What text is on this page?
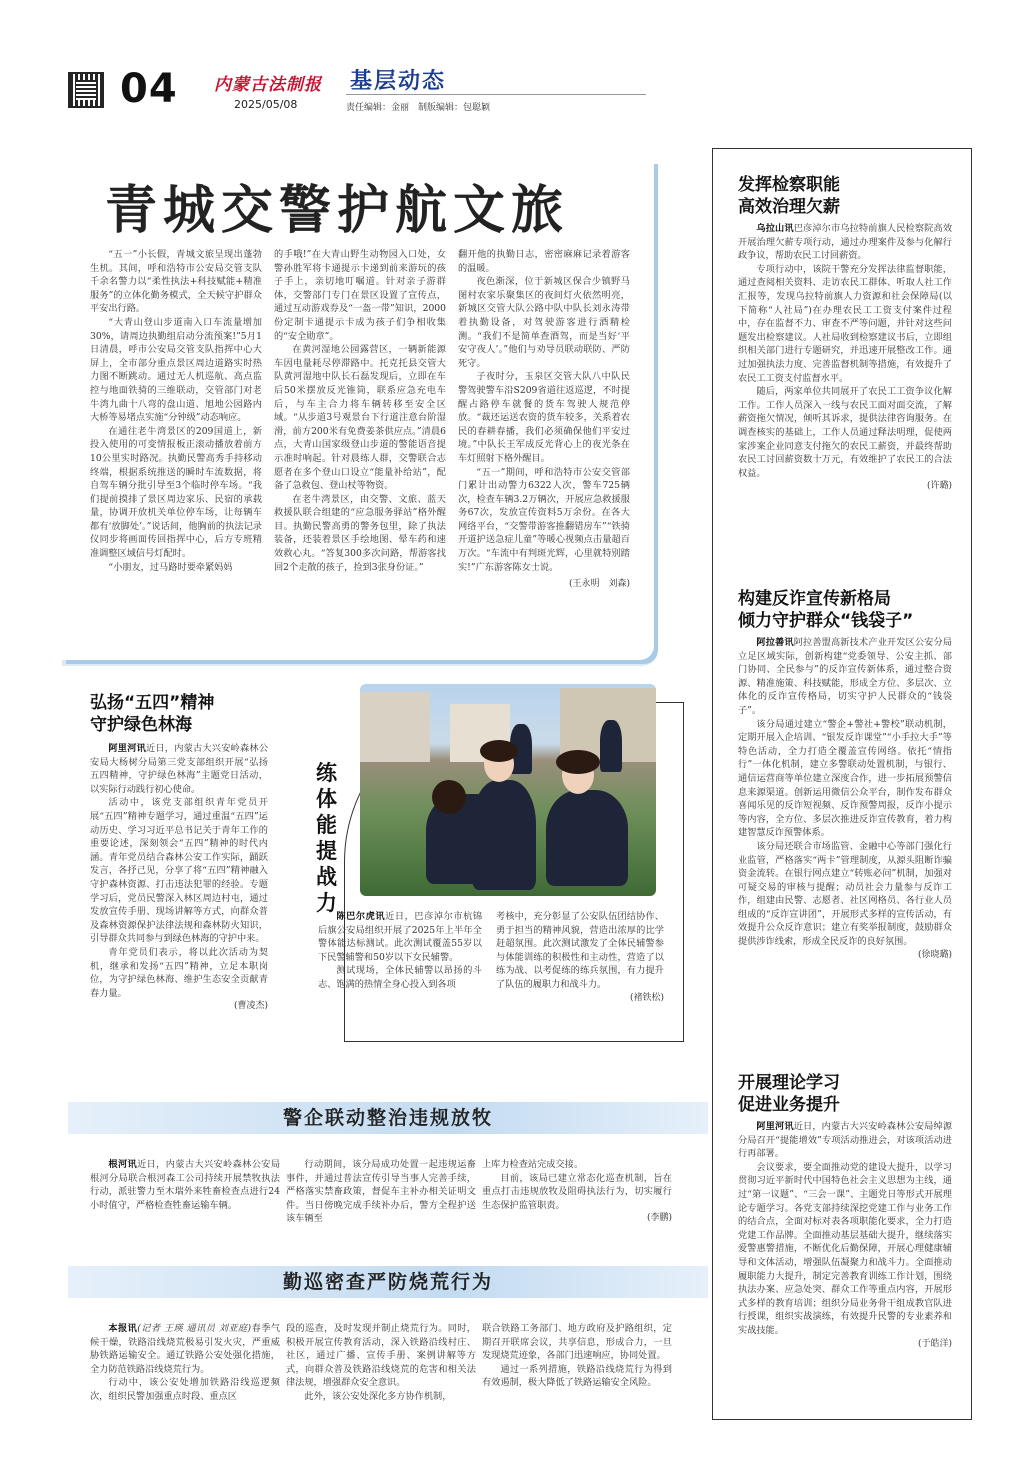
04 内蒙古法制报
2025/05/08
基层动态
责任编辑：金丽　制版编辑：包聪颖
青城交警护航文旅

“五一”小长假，青城文旅呈现出蓬勃生机。其间，呼和浩特市公安局交管支队千余名警力以“柔性执法+科技赋能+精准服务”的立体化勤务模式，全天候守护群众平安出行路。

“大青山登山步道南入口车流量增加30%，请周边执勤组启动分流预案!”5月1日清晨，呼市公安局交管支队指挥中心大屏上，全市部分重点景区周边道路实时热力图不断跳动。通过无人机巡航、高点监控与地面铁骑的三维联动，交管部门对老牛湾九曲十八弯的盘山道、旭地公园路内大桥等易堵点实施“分钟级”动态响应。

在通往老牛湾景区的209国道上，新投入使用的可变情报板正滚动播放着前方10公里实时路况。执勤民警高秀手持移动终端，根据系统推送的瞬时车流数据，将自驾车辆分批引导至3个临时停车场。“我们提前摸排了景区周边家乐、民宿的承载量，协调开放机关单位停车场，让每辆车都有‘放脚处’。”说话间，他胸前的执法记录仪同步将画面传回指挥中心，后方专班精准调整区域信号灯配时。

“小朋友，过马路时要牵紧妈妈

的手哦!”在大青山野生动物园入口处，女警孙胜军将卡通提示卡递到前来游玩的孩子手上，亲切地叮嘱道。针对亲子游群体，交警部门专门在景区设置了宣传点，通过互动游戏券及“一盔一带”知识，2000份定制卡通提示卡成为孩子们争相收集的“安全勋章”。

在黄河湿地公园露营区，一辆新能源车因电量耗尽停滞路中。托克托县交管大队黄河湿地中队长石磊发现后，立即在车后50米摆放反光锥筒，联系应急充电车后，与车主合力将车辆转移至安全区域。“从步道3号观景台下行道注意台阶湿滑，前方200米有免费姜茶供应点。”清晨6点，大青山国家级登山步道的警能语音提示准时响起。针对晨练人群，交警联合志愿者在多个登山口设立“能量补给站”，配备了急救包、登山杖等物资。

在老牛湾景区，由交警、文旅、蓝天救援队联合组建的“应急服务驿站”格外醒目。执勤民警高勇的警务包里，除了执法装备，还装着景区手绘地图、晕车药和速效救心丸。“答复300多次问路，帮游客找回2个走散的孩子，捡到3张身份证。”

翻开他的执勤日志，密密麻麻记录着游客的温暖。

夜色渐深，位于新城区保合少镇野马图村农家乐聚集区的夜间灯火依然明亮，新城区交管大队公路中队中队长刘永涛带着执勤设备，对驾驶游客进行酒精检测。“我们不是简单查酒驾，而是当好‘平安守夜人’。”他们与劝导员联动联防、严防死守。

子夜时分，玉泉区交管大队八中队民警驾驶警车沿S209省道往返巡逻，不时提醒占路停车就餐的货车驾驶人规范停放。“裁还运送农资的货车较多，关系着农民的春耕春播，我们必须确保他们平安过境。”中队长王军成反光背心上的夜光条在车灯照射下格外醒目。

“五一”期间，呼和浩特市公安交管部门累计出动警力6322人次，警车725辆次，检查车辆3.2万辆次，开展应急救援服务67次，发放宣传资料5万余份。在各大网络平台，“交警带游客推翻错房车”“铁骑开道护送急症儿童”等暖心视频点击量超百万次。“车流中有判斑光辉，心里就特别踏实!”广东游客陈女士说。

(王永明　刘森)
弘扬“五四”精神
守护绿色林海

阿里河讯近日，内蒙古大兴安岭森林公安局大杨树分局第三党支部组织开展“弘扬五四精神，守护绿色林海”主题党日活动，以实际行动践行初心使命。

活动中，该党支部组织青年党员开展“五四”精神专题学习，通过重温“五四”运动历史、学习习近平总书记关于青年工作的重要论述，深刻领会“五四”精神的时代内涵。青年党员结合森林公安工作实际，踊跃发言，各抒己见，分享了将“五四”精神融入守护森林资源、打击违法犯罪的经验。专题学习后，党员民警深入林区周边村屯，通过发放宣传手册、现场讲解等方式，向群众普及森林资源保护法律法规和森林防火知识，引导群众共同参与到绿色林海的守护中来。

青年党员们表示，将以此次活动为契机，继承和发扬“五四”精神，立足本职岗位，为守护绿色林海、维护生态安全贡献青春力量。

(曹凌杰)
练体能　提战力

陈巴尔虎讯近日，巴彦淖尔市杭锦后旗公安局组织开展了2025年上半年全警体能达标测试。此次测试覆盖55岁以下民警辅警和50岁以下女民辅警。

测试现场，全体民辅警以昂扬的斗志、饱满的热情全身心投入到各项

考核中，充分彰显了公安队伍团结协作、勇于担当的精神风貌，营造出浓厚的比学赶超氛围。此次测试激发了全体民辅警参与体能训练的积极性和主动性，营造了以练为战、以考促练的练兵氛围，有力提升了队伍的履职力和战斗力。

(褚铁松)
警企联动整治违规放牧

根河讯近日，内蒙古大兴安岭森林公安局根河分局联合根河森工公司持续开展禁牧执法行动，派驻警力至木瑞外来牲畜检查点进行24小时值守，严格检查牲畜运输车辆。

行动期间，该分局成功处置一起违规运畜事件，并通过普法宣传引导当事人完善手续，严格落实禁畜政策，督促车主补办相关证明文件。当日傍晚完成手续补办后，警方全程护送该车辆至

上库力检查站完成交接。

目前，该局已建立常态化巡查机制，旨在重点打击违规放牧及阻碍执法行为，切实履行生态保护监管职责。

(李鹏)
勤巡密查严防烧荒行为

本报讯(记者 王瑛 通讯员 刘亚庭)春季气候干燥，铁路沿线烧荒极易引发火灾，严重威胁铁路运输安全。通辽铁路公安处强化措施，全力防范铁路沿线烧荒行为。

行动中，该公安处增加铁路沿线巡逻频次，组织民警加强重点时段、重点区

段的巡查，及时发现并制止烧荒行为。同时，积极开展宣传教育活动，深入铁路沿线村庄、社区，通过广播、宣传手册、案例讲解等方式，向群众普及铁路沿线烧荒的危害和相关法律法规，增强群众安全意识。

此外，该公安处深化多方协作机制，

联合铁路工务部门、地方政府及护路组织，定期召开联席会议，共享信息，形成合力，一旦发现烧荒迹象，各部门迅速响应，协同处置。

通过一系列措施，铁路沿线烧荒行为得到有效遏制，极大降低了铁路运输安全风险。

发挥检察职能
高效治理欠薪

乌拉山讯巴彦淖尔市乌拉特前旗人民检察院高效开展治理欠薪专项行动，通过办理案件及参与化解行政争议，帮助农民工讨回薪资。

专项行动中，该院干警充分发挥法律监督职能，通过查阅相关资料、走访农民工群体、听取人社工作汇报等，发现乌拉特前旗人力资源和社会保障局(以下简称“人社局”)在办理农民工工资支付案件过程中，存在监督不力、审查不严等问题，并针对这些问题发出检察建议。人社局收到检察建议书后，立即组织相关部门进行专题研究，并迅速开展整改工作。通过加强执法力度、完善监督机制等措施，有效提升了农民工工资支付监督水平。

随后，两家单位共同展开了农民工工资争议化解工作。工作人员深入一线与农民工面对面交流，了解薪资拖欠情况，倾听其诉求，提供法律咨询服务。在调查核实的基础上，工作人员通过释法明理，促使两家涉案企业同意支付拖欠的农民工薪资，并最终帮助农民工讨回薪资数十万元，有效维护了农民工的合法权益。

(许璐)
构建反诈宣传新格局
倾力守护群众“钱袋子”

阿拉善讯阿拉善盟高新技术产业开发区公安分局立足区域实际，创新构建“党委领导、公安主抓、部门协同、全民参与”的反诈宣传新体系，通过整合资源、精准施策、科技赋能，形成全方位、多层次、立体化的反诈宣传格局，切实守护人民群众的“钱袋子”。

该分局通过建立“警企+警社+警校”联动机制，定期开展入企培训、“银发反诈课堂”“小手拉大手”等特色活动，全力打造全覆盖宣传网络。依托“情指行”一体化机制，建立多警联动处置机制，与银行、通信运营商等单位建立深度合作，进一步拓展预警信息来源渠道。创新运用微信公众平台，制作发布群众喜闻乐见的反诈短视频、反诈预警周报，反诈小提示等内容，全方位、多层次推进反诈宣传教育，着力构建智慧反诈预警体系。

该分局还联合市场监管、金融中心等部门强化行业监管，严格落实“两卡”管理制度，从源头阻断诈骗资金流转。在银行网点建立“转账必问”机制，加强对可疑交易的审核与提醒；动员社会力量参与反诈工作，组建由民警、志愿者、社区网格员、各行业人员组成的“反诈宣讲团”，开展形式多样的宣传活动，有效提升公众反诈意识；建立有奖举报制度，鼓励群众提供涉诈线索，形成全民反诈的良好氛围。

(徐晓璐)
开展理论学习
促进业务提升

阿里河讯近日，内蒙古大兴安岭森林公安局绰源分局召开“提能增效”专项活动推进会，对该项活动进行再部署。

会议要求，要全面推动党的建设大提升，以学习贯彻习近平新时代中国特色社会主义思想为主线，通过“第一议题”、“三会一课”、主题党日等形式开展理论专题学习。各党支部持续深挖党建工作与业务工作的结合点，全面对标对表各项职能化要求，全力打造党建工作品牌。全面推动基层基础大提升，继续落实爱警惠警措施，不断优化后勤保障，开展心理健康辅导和文体活动，增强队伍凝聚力和战斗力。全面推动履职能力大提升，制定完善教育训练工作计划，围绕执法办案、应急处突、群众工作等重点内容，开展形式多样的教育培训；组织分局业务骨干组成教官队进行授课，组织实战演练，有效提升民警的专业素养和实战技能。

(于皓洋)
